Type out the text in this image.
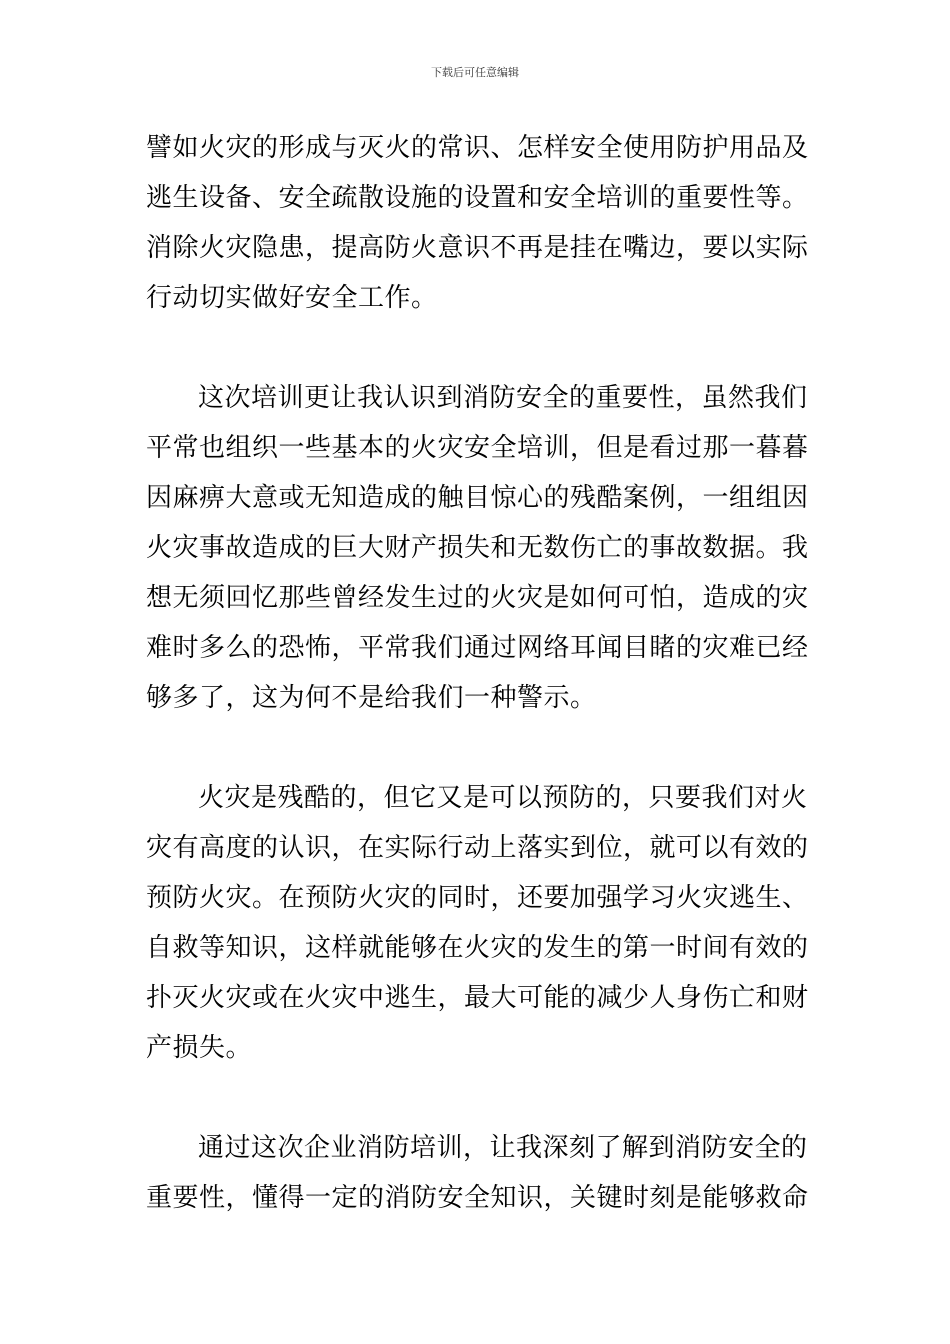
下载后可任意编辑
譬如火灾的形成与灭火的常识、怎样安全使用防护用品及
逃生设备、安全疏散设施的设置和安全培训的重要性等。
消除火灾隐患，提高防火意识不再是挂在嘴边，要以实际
行动切实做好安全工作。
这次培训更让我认识到消防安全的重要性，虽然我们
平常也组织一些基本的火灾安全培训，但是看过那一暮暮
因麻痹大意或无知造成的触目惊心的残酷案例，一组组因
火灾事故造成的巨大财产损失和无数伤亡的事故数据。我
想无须回忆那些曾经发生过的火灾是如何可怕，造成的灾
难时多么的恐怖，平常我们通过网络耳闻目睹的灾难已经
够多了，这为何不是给我们一种警示。
火灾是残酷的，但它又是可以预防的，只要我们对火
灾有高度的认识，在实际行动上落实到位，就可以有效的
预防火灾。在预防火灾的同时，还要加强学习火灾逃生、
自救等知识，这样就能够在火灾的发生的第一时间有效的
扑灭火灾或在火灾中逃生，最大可能的减少人身伤亡和财
产损失。
通过这次企业消防培训，让我深刻了解到消防安全的
重要性，懂得一定的消防安全知识，关键时刻是能够救命
